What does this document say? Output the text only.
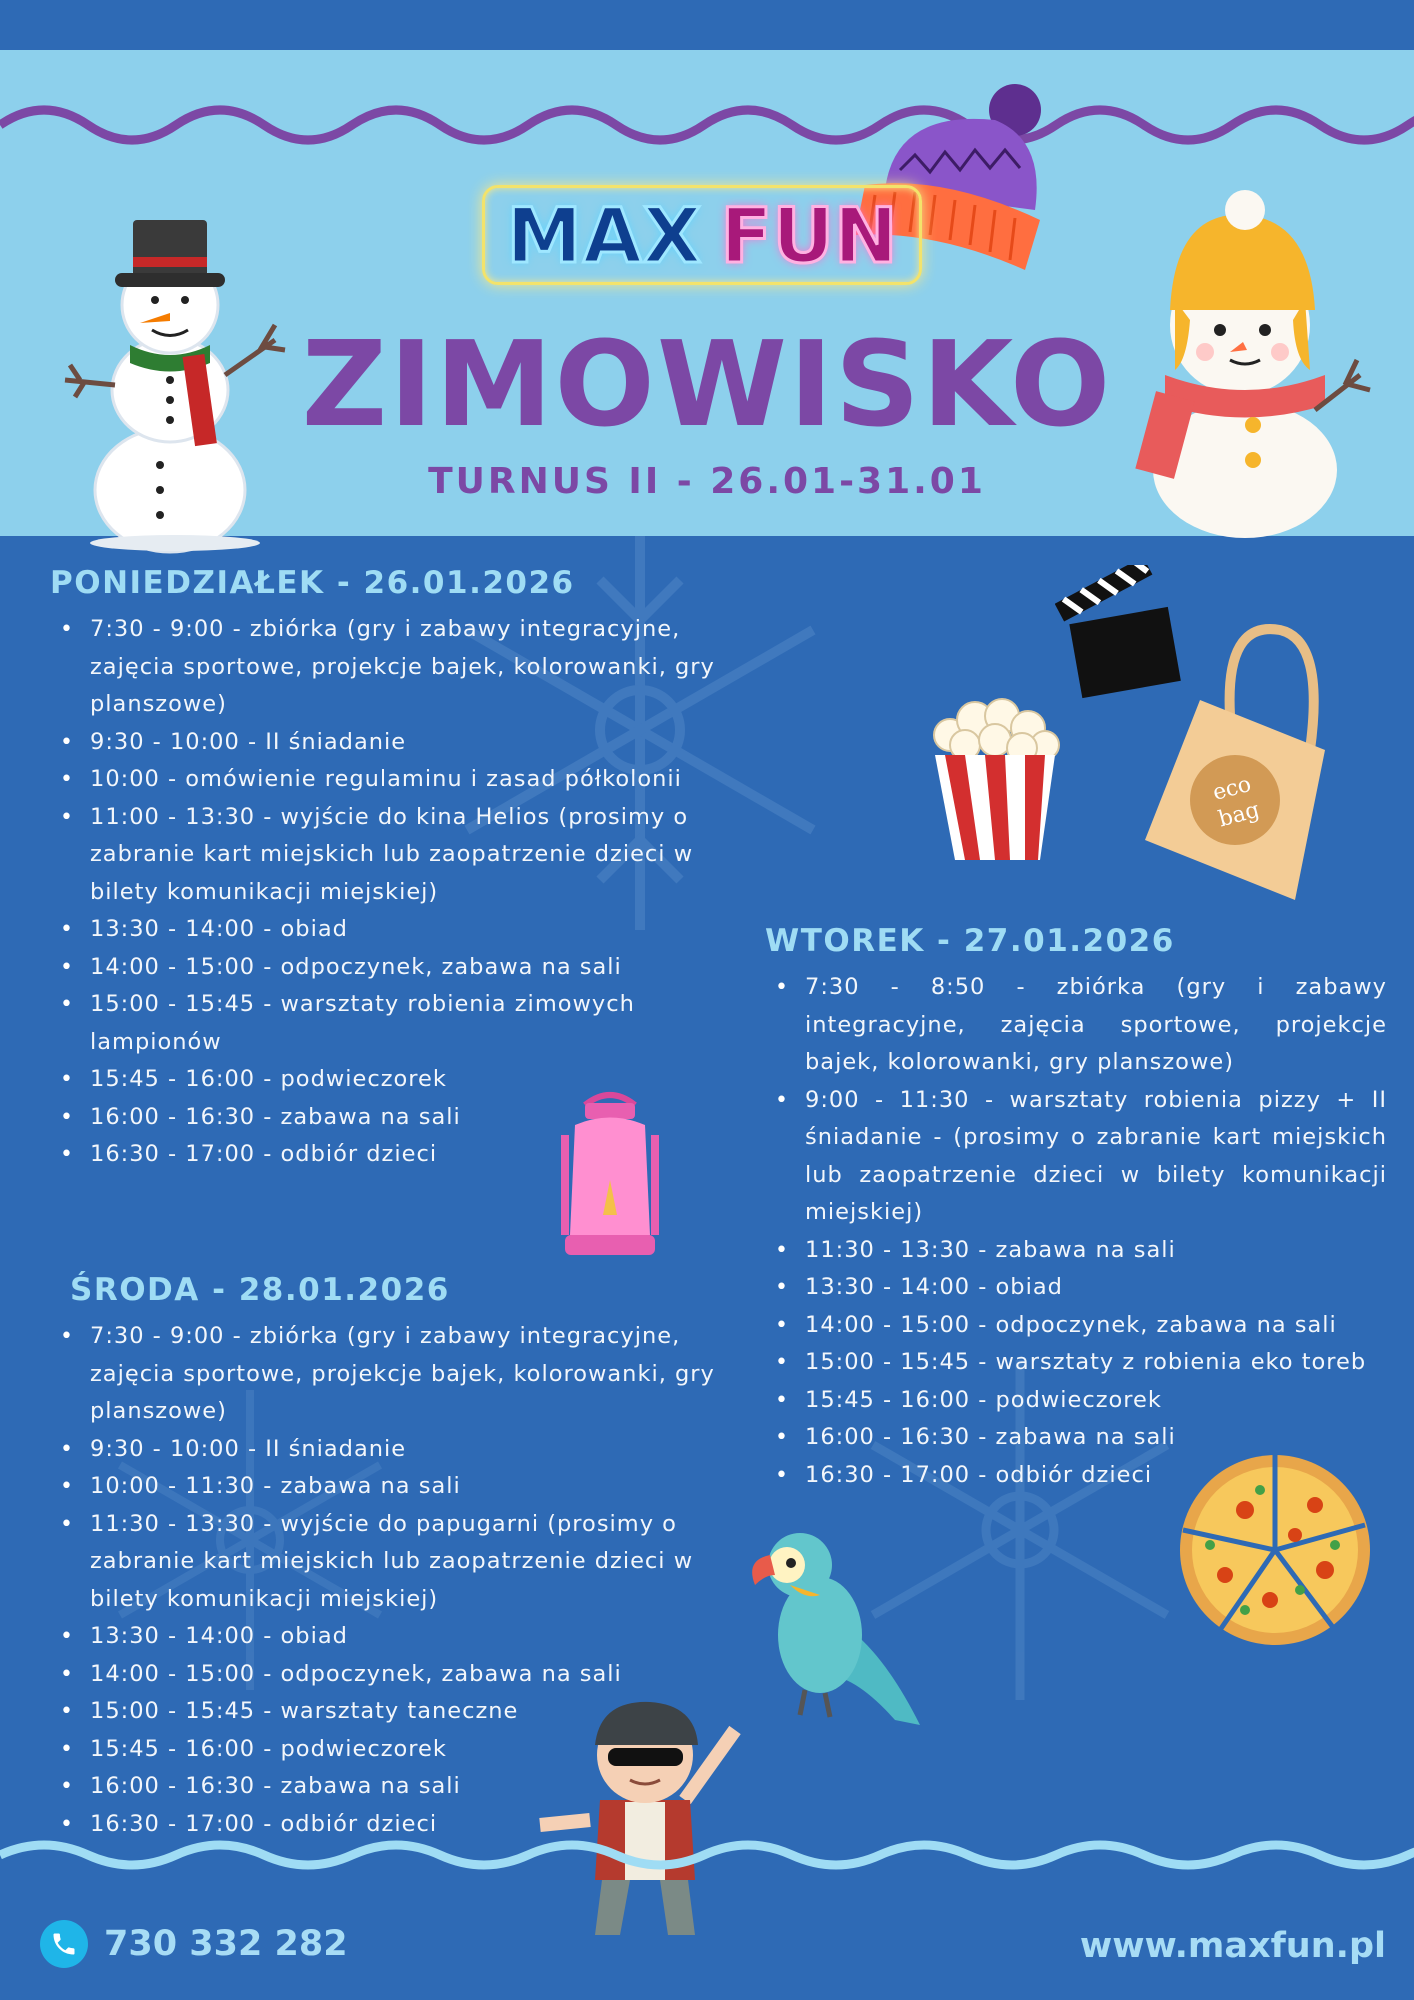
MAX FUN
ZIMOWISKO
TURNUS II - 26.01-31.01
PONIEDZIAŁEK - 26.01.2026
• 7:30 - 9:00 - zbiórka (gry i zabawy integracyjne, zajęcia sportowe, projekcje bajek, kolorowanki, gry planszowe)
• 9:30 - 10:00 - II śniadanie
• 10:00 - omówienie regulaminu i zasad półkolonii
• 11:00 - 13:30 - wyjście do kina Helios (prosimy o zabranie kart miejskich lub zaopatrzenie dzieci w bilety komunikacji miejskiej)
• 13:30 - 14:00 - obiad
• 14:00 - 15:00 - odpoczynek, zabawa na sali
• 15:00 - 15:45 - warsztaty robienia zimowych lampionów
• 15:45 - 16:00 - podwieczorek
• 16:00 - 16:30 - zabawa na sali
• 16:30 - 17:00 - odbiór dzieci
WTOREK - 27.01.2026
• 7:30 - 8:50 - zbiórka (gry i zabawy integracyjne, zajęcia sportowe, projekcje bajek, kolorowanki, gry planszowe)
• 9:00 - 11:30 - warsztaty robienia pizzy + II śniadanie - (prosimy o zabranie kart miejskich lub zaopatrzenie dzieci w bilety komunikacji miejskiej)
• 11:30 - 13:30 - zabawa na sali
• 13:30 - 14:00 - obiad
• 14:00 - 15:00 - odpoczynek, zabawa na sali
• 15:00 - 15:45 - warsztaty z robienia eko toreb
• 15:45 - 16:00 - podwieczorek
• 16:00 - 16:30 - zabawa na sali
• 16:30 - 17:00 - odbiór dzieci
ŚRODA - 28.01.2026
• 7:30 - 9:00 - zbiórka (gry i zabawy integracyjne, zajęcia sportowe, projekcje bajek, kolorowanki, gry planszowe)
• 9:30 - 10:00 - II śniadanie
• 10:00 - 11:30 - zabawa na sali
• 11:30 - 13:30 - wyjście do papugarni (prosimy o zabranie kart miejskich lub zaopatrzenie dzieci w bilety komunikacji miejskiej)
• 13:30 - 14:00 - obiad
• 14:00 - 15:00 - odpoczynek, zabawa na sali
• 15:00 - 15:45 - warsztaty taneczne
• 15:45 - 16:00 - podwieczorek
• 16:00 - 16:30 - zabawa na sali
• 16:30 - 17:00 - odbiór dzieci
eco
bag
730 332 282	www.maxfun.pl
